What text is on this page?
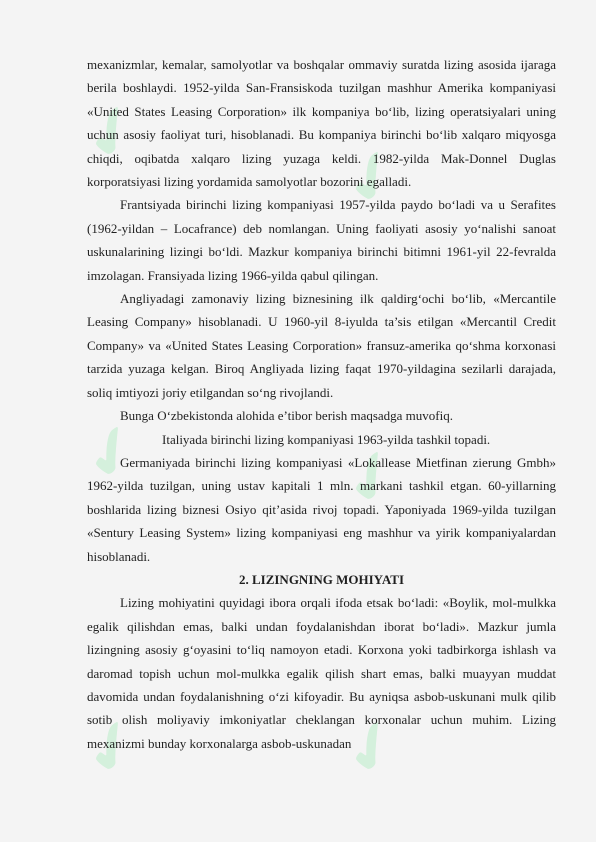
✔	✔
✔	✔
✔	✔

mexanizmlar, kemalar, samolyotlar va boshqalar ommaviy suratda lizing asosida ijaraga berila boshlaydi. 1952-yilda San-Fransiskoda tuzilgan mashhur Amerika kompaniyasi «United States Leasing Corporation» ilk kompaniya bo‘lib, lizing operatsiyalari uning uchun asosiy faoliyat turi, hisoblanadi. Bu kompaniya birinchi bo‘lib xalqaro miqyosga chiqdi, oqibatda xalqaro lizing yuzaga keldi. 1982-yilda Mak-Donnel Duglas korporatsiyasi lizing yordamida samolyotlar bozorini egalladi.

Frantsiyada birinchi lizing kompaniyasi 1957-yilda paydo bo‘ladi va u Serafites (1962-yildan – Locafrance) deb nomlangan. Uning faoliyati asosiy yo‘nalishi sanoat uskunalarining lizingi bo‘ldi. Mazkur kompaniya birinchi bitimni 1961-yil 22-fevralda imzolagan. Fransiyada lizing 1966-yilda qabul qilingan.

Angliyadagi zamonaviy lizing biznesining ilk qaldirg‘ochi bo‘lib, «Mercantile Leasing Company» hisoblanadi. U 1960-yil 8-iyulda ta’sis etilgan «Mercantil Credit Company» va «United States Leasing Corporation» fransuz-amerika qo‘shma korxonasi tarzida yuzaga kelgan. Biroq Angliyada lizing faqat 1970-yildagina sezilarli darajada, soliq imtiyozi joriy etilgandan so‘ng rivojlandi.

Bunga O‘zbekistonda alohida e’tibor berish maqsadga muvofiq.

Italiyada birinchi lizing kompaniyasi 1963-yilda tashkil topadi.

Germaniyada birinchi lizing kompaniyasi «Lokallease Mietfinan zierung Gmbh» 1962-yilda tuzilgan, uning ustav kapitali 1 mln. markani tashkil etgan. 60-yillarning boshlarida lizing biznesi Osiyo qit’asida rivoj topadi. Yaponiyada 1969-yilda tuzilgan «Sentury Leasing System» lizing kompaniyasi eng mashhur va yirik kompaniyalardan hisoblanadi.

2. LIZINGNING MOHIYATI

Lizing mohiyatini quyidagi ibora orqali ifoda etsak bo‘ladi: «Boylik, mol-mulkka egalik qilishdan emas, balki undan foydalanishdan iborat bo‘ladi». Mazkur jumla lizingning asosiy g‘oyasini to‘liq namoyon etadi. Korxona yoki tadbirkorga ishlash va daromad topish uchun mol-mulkka egalik qilish shart emas, balki muayyan muddat davomida undan foydalanishning o‘zi kifoyadir. Bu ayniqsa asbob-uskunani mulk qilib sotib olish moliyaviy imkoniyatlar cheklangan korxonalar uchun muhim. Lizing mexanizmi bunday korxonalarga asbob-uskunadan
